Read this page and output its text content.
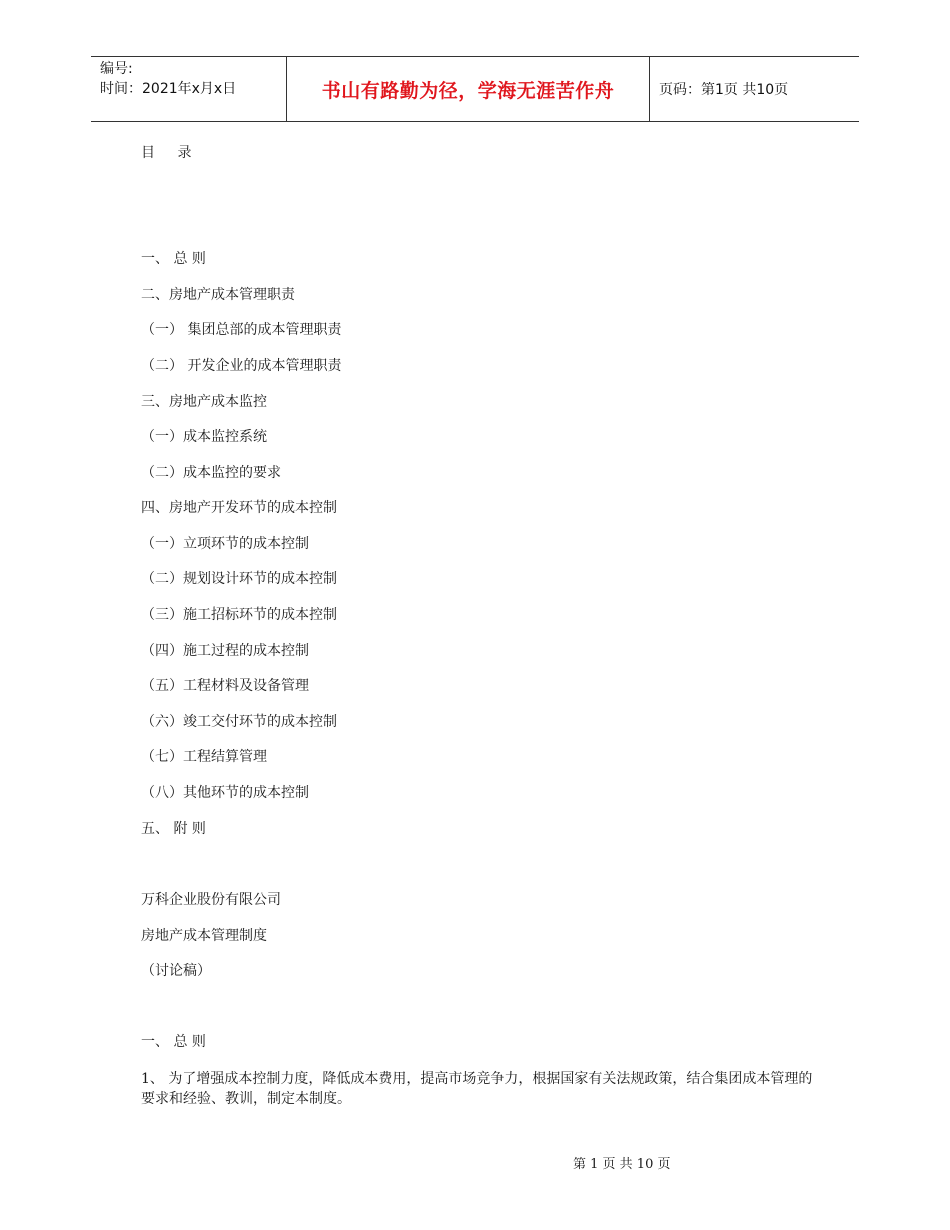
编号:
时间：2021年x月x日	书山有路勤为径，学海无涯苦作舟	页码：第1页 共10页
目 录
一、 总 则
二、房地产成本管理职责
（一） 集团总部的成本管理职责
（二） 开发企业的成本管理职责
三、房地产成本监控
（一）成本监控系统
（二）成本监控的要求
四、房地产开发环节的成本控制
（一）立项环节的成本控制
（二）规划设计环节的成本控制
（三）施工招标环节的成本控制
（四）施工过程的成本控制
（五）工程材料及设备管理
（六）竣工交付环节的成本控制
（七）工程结算管理
（八）其他环节的成本控制
五、 附 则
万科企业股份有限公司
房地产成本管理制度
（讨论稿）
一、 总 则
1、 为了增强成本控制力度，降低成本费用，提高市场竞争力，根据国家有关法规政策，结合集团成本管理的要求和经验、教训，制定本制度。
第 1 页 共 10 页
